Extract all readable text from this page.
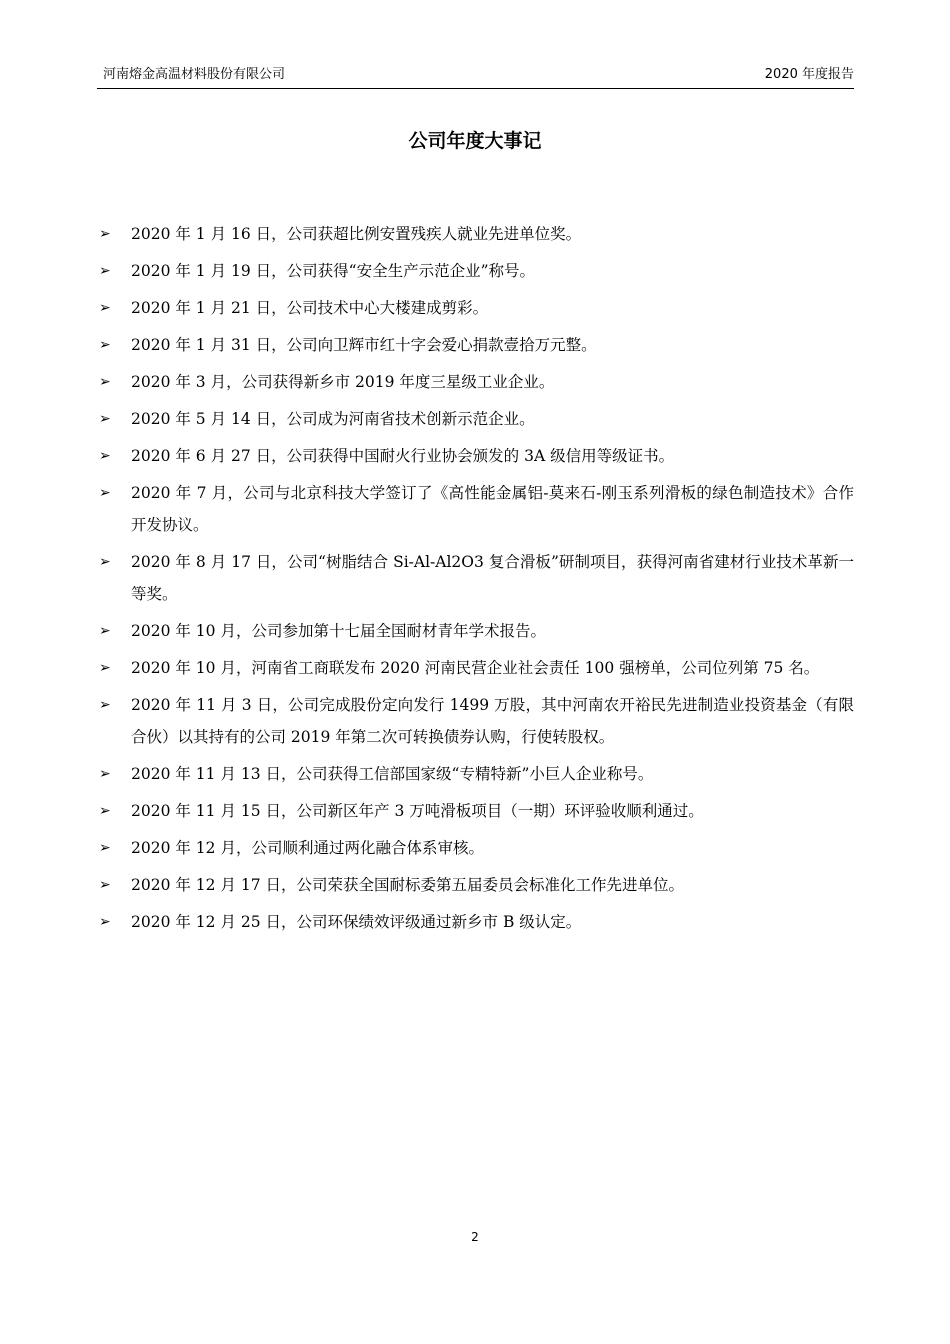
河南熔金高温材料股份有限公司	2020 年度报告
公司年度大事记
➢ 2020 年 1 月 16 日，公司获超比例安置残疾人就业先进单位奖。
➢ 2020 年 1 月 19 日，公司获得“安全生产示范企业”称号。
➢ 2020 年 1 月 21 日，公司技术中心大楼建成剪彩。
➢ 2020 年 1 月 31 日，公司向卫辉市红十字会爱心捐款壹拾万元整。
➢ 2020 年 3 月，公司获得新乡市 2019 年度三星级工业企业。
➢ 2020 年 5 月 14 日，公司成为河南省技术创新示范企业。
➢ 2020 年 6 月 27 日，公司获得中国耐火行业协会颁发的 3A 级信用等级证书。
➢ 2020 年 7 月，公司与北京科技大学签订了《高性能金属铝-莫来石-刚玉系列滑板的绿色制造技术》合作开发协议。
➢ 2020 年 8 月 17 日，公司“树脂结合 Si-Al-Al2O3 复合滑板”研制项目，获得河南省建材行业技术革新一等奖。
➢ 2020 年 10 月，公司参加第十七届全国耐材青年学术报告。
➢ 2020 年 10 月，河南省工商联发布 2020 河南民营企业社会责任 100 强榜单，公司位列第 75 名。
➢ 2020 年 11 月 3 日，公司完成股份定向发行 1499 万股，其中河南农开裕民先进制造业投资基金（有限合伙）以其持有的公司 2019 年第二次可转换债券认购，行使转股权。
➢ 2020 年 11 月 13 日，公司获得工信部国家级“专精特新”小巨人企业称号。
➢ 2020 年 11 月 15 日，公司新区年产 3 万吨滑板项目（一期）环评验收顺利通过。
➢ 2020 年 12 月，公司顺利通过两化融合体系审核。
➢ 2020 年 12 月 17 日，公司荣获全国耐标委第五届委员会标准化工作先进单位。
➢ 2020 年 12 月 25 日，公司环保绩效评级通过新乡市 B 级认定。
2
